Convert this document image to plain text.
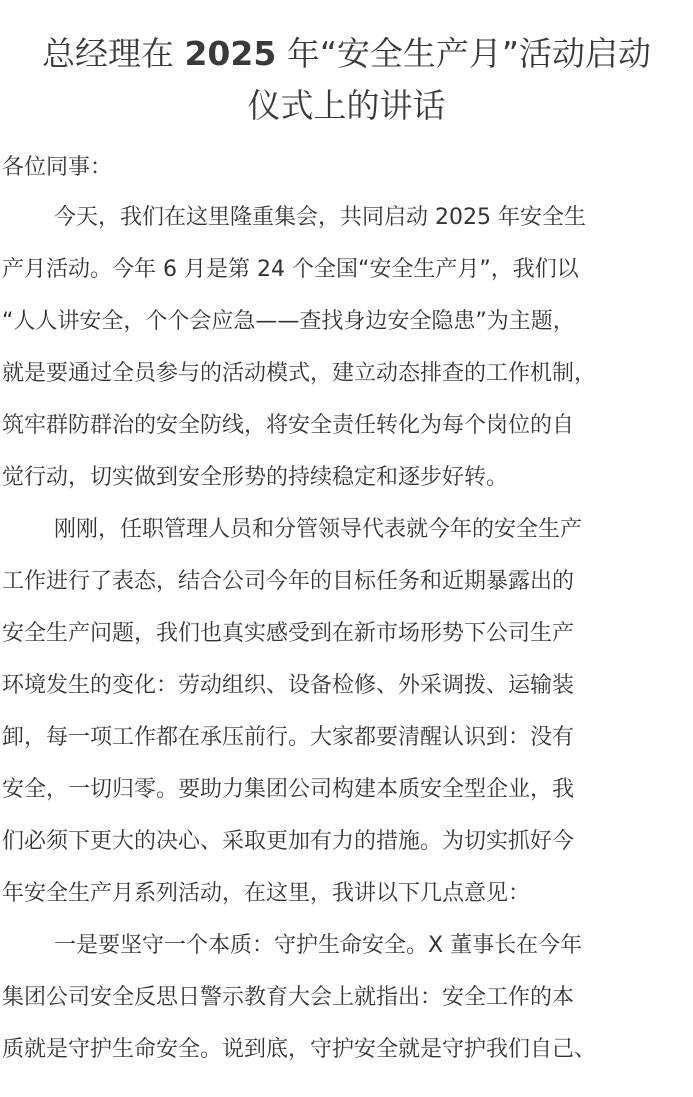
总经理在 2025 年“安全生产月”活动启动
仪式上的讲话
各位同事：
今天，我们在这里隆重集会，共同启动 2025 年安全生
产月活动。今年 6 月是第 24 个全国“安全生产月”，我们以
“人人讲安全，个个会应急——查找身边安全隐患”为主题，
就是要通过全员参与的活动模式，建立动态排查的工作机制，
筑牢群防群治的安全防线，将安全责任转化为每个岗位的自
觉行动，切实做到安全形势的持续稳定和逐步好转。
刚刚，任职管理人员和分管领导代表就今年的安全生产
工作进行了表态，结合公司今年的目标任务和近期暴露出的
安全生产问题，我们也真实感受到在新市场形势下公司生产
环境发生的变化：劳动组织、设备检修、外采调拨、运输装
卸，每一项工作都在承压前行。大家都要清醒认识到：没有
安全，一切归零。要助力集团公司构建本质安全型企业，我
们必须下更大的决心、采取更加有力的措施。为切实抓好今
年安全生产月系列活动，在这里，我讲以下几点意见：
一是要坚守一个本质：守护生命安全。X 董事长在今年
集团公司安全反思日警示教育大会上就指出：安全工作的本
质就是守护生命安全。说到底，守护安全就是守护我们自己、
